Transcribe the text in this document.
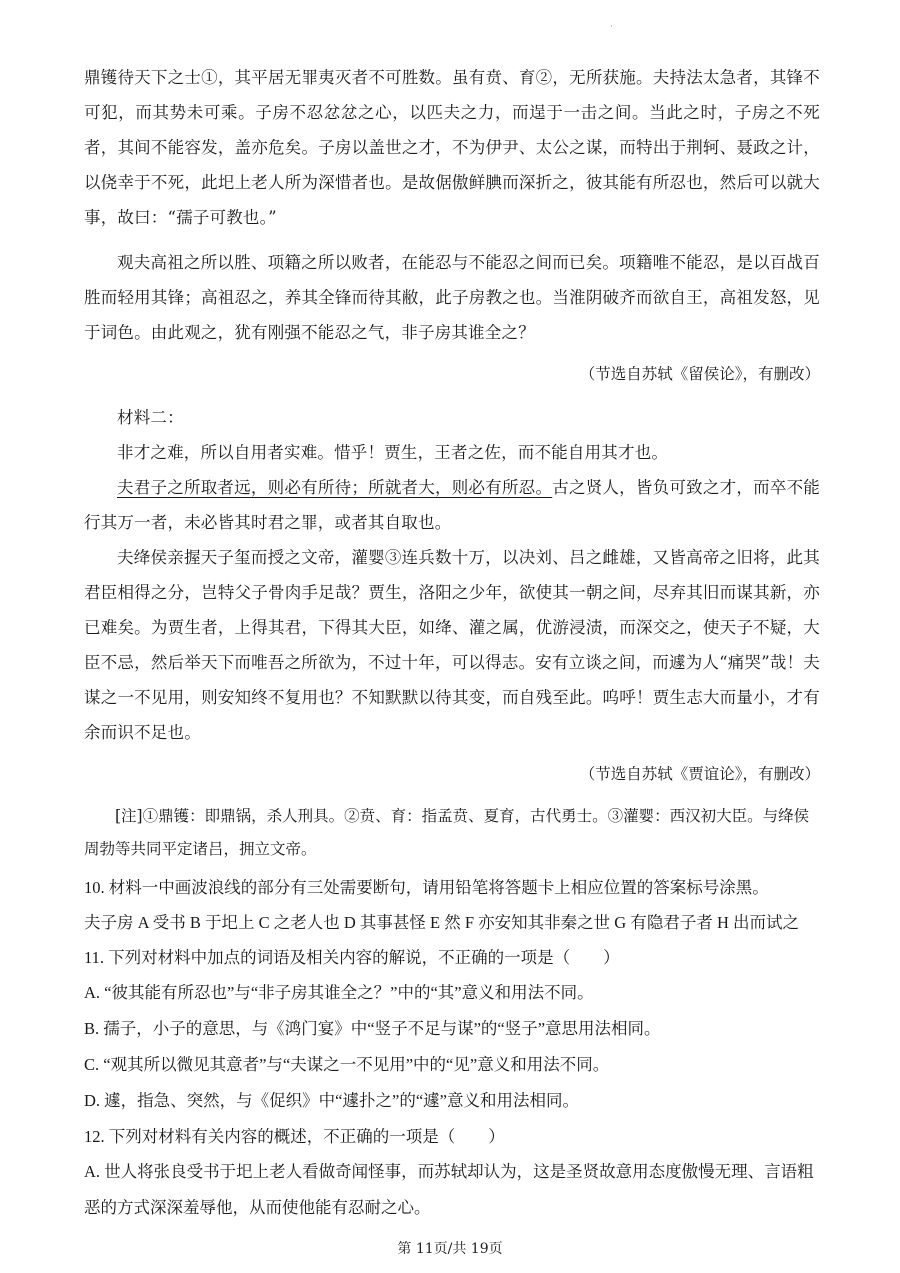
·

鼎镬待天下之士①，其平居无罪夷灭者不可胜数。虽有贲、育②，无所获施。夫持法太急者，其锋不可犯，而其势未可乘。子房不忍忿忿之心，以匹夫之力，而逞于一击之间。当此之时，子房之不死者，其间不能容发，盖亦危矣。子房以盖世之才，不为伊尹、太公之谋，而特出于荆轲、聂政之计，以侥幸于不死，此圯上老人所为深惜者也。是故倨傲鲜腆而深折之，彼其能有所忍也，然后可以就大事，故曰：“孺子可教也。”

观夫高祖之所以胜、项籍之所以败者，在能忍与不能忍之间而已矣。项籍唯不能忍，是以百战百胜而轻用其锋；高祖忍之，养其全锋而待其敝，此子房教之也。当淮阴破齐而欲自王，高祖发怒，见于词色。由此观之，犹有刚强不能忍之气，非子房其谁全之？

（节选自苏轼《留侯论》，有删改）

材料二：

非才之难，所以自用者实难。惜乎！贾生，王者之佐，而不能自用其才也。

夫君子之所取者远，则必有所待；所就者大，则必有所忍。古之贤人，皆负可致之才，而卒不能行其万一者，未必皆其时君之罪，或者其自取也。

夫绛侯亲握天子玺而授之文帝，灌婴③连兵数十万，以决刘、吕之雌雄，又皆高帝之旧将，此其君臣相得之分，岂特父子骨肉手足哉？贾生，洛阳之少年，欲使其一朝之间，尽弃其旧而谋其新，亦已难矣。为贾生者，上得其君，下得其大臣，如绛、灌之属，优游浸渍，而深交之，使天子不疑，大臣不忌，然后举天下而唯吾之所欲为，不过十年，可以得志。安有立谈之间，而遽为人“痛哭”哉！夫谋之一不见用，则安知终不复用也？不知默默以待其变，而自残至此。呜呼！贾生志大而量小，才有余而识不足也。

（节选自苏轼《贾谊论》，有删改）

[注]①鼎镬：即鼎锅，杀人刑具。②贲、育：指孟贲、夏育，古代勇士。③灌婴：西汉初大臣。与绛侯周勃等共同平定诸吕，拥立文帝。

10. 材料一中画波浪线的部分有三处需要断句，请用铅笔将答题卡上相应位置的答案标号涂黑。

夫子房 A 受书 B 于圯上 C 之老人也 D 其事甚怪 E 然 F 亦安知其非秦之世 G 有隐君子者 H 出而试之

11. 下列对材料中加点的词语及相关内容的解说，不正确的一项是（　　）

A. “彼其能有所忍也”与“非子房其谁全之？”中的“其”意义和用法不同。

B. 孺子，小子的意思，与《鸿门宴》中“竖子不足与谋”的“竖子”意思用法相同。

C. “观其所以微见其意者”与“夫谋之一不见用”中的“见”意义和用法不同。

D. 遽，指急、突然，与《促织》中“遽扑之”的“遽”意义和用法相同。

12. 下列对材料有关内容的概述，不正确的一项是（　　）

A. 世人将张良受书于圯上老人看做奇闻怪事，而苏轼却认为，这是圣贤故意用态度傲慢无理、言语粗恶的方式深深羞辱他，从而使他能有忍耐之心。

第 11页/共 19页
